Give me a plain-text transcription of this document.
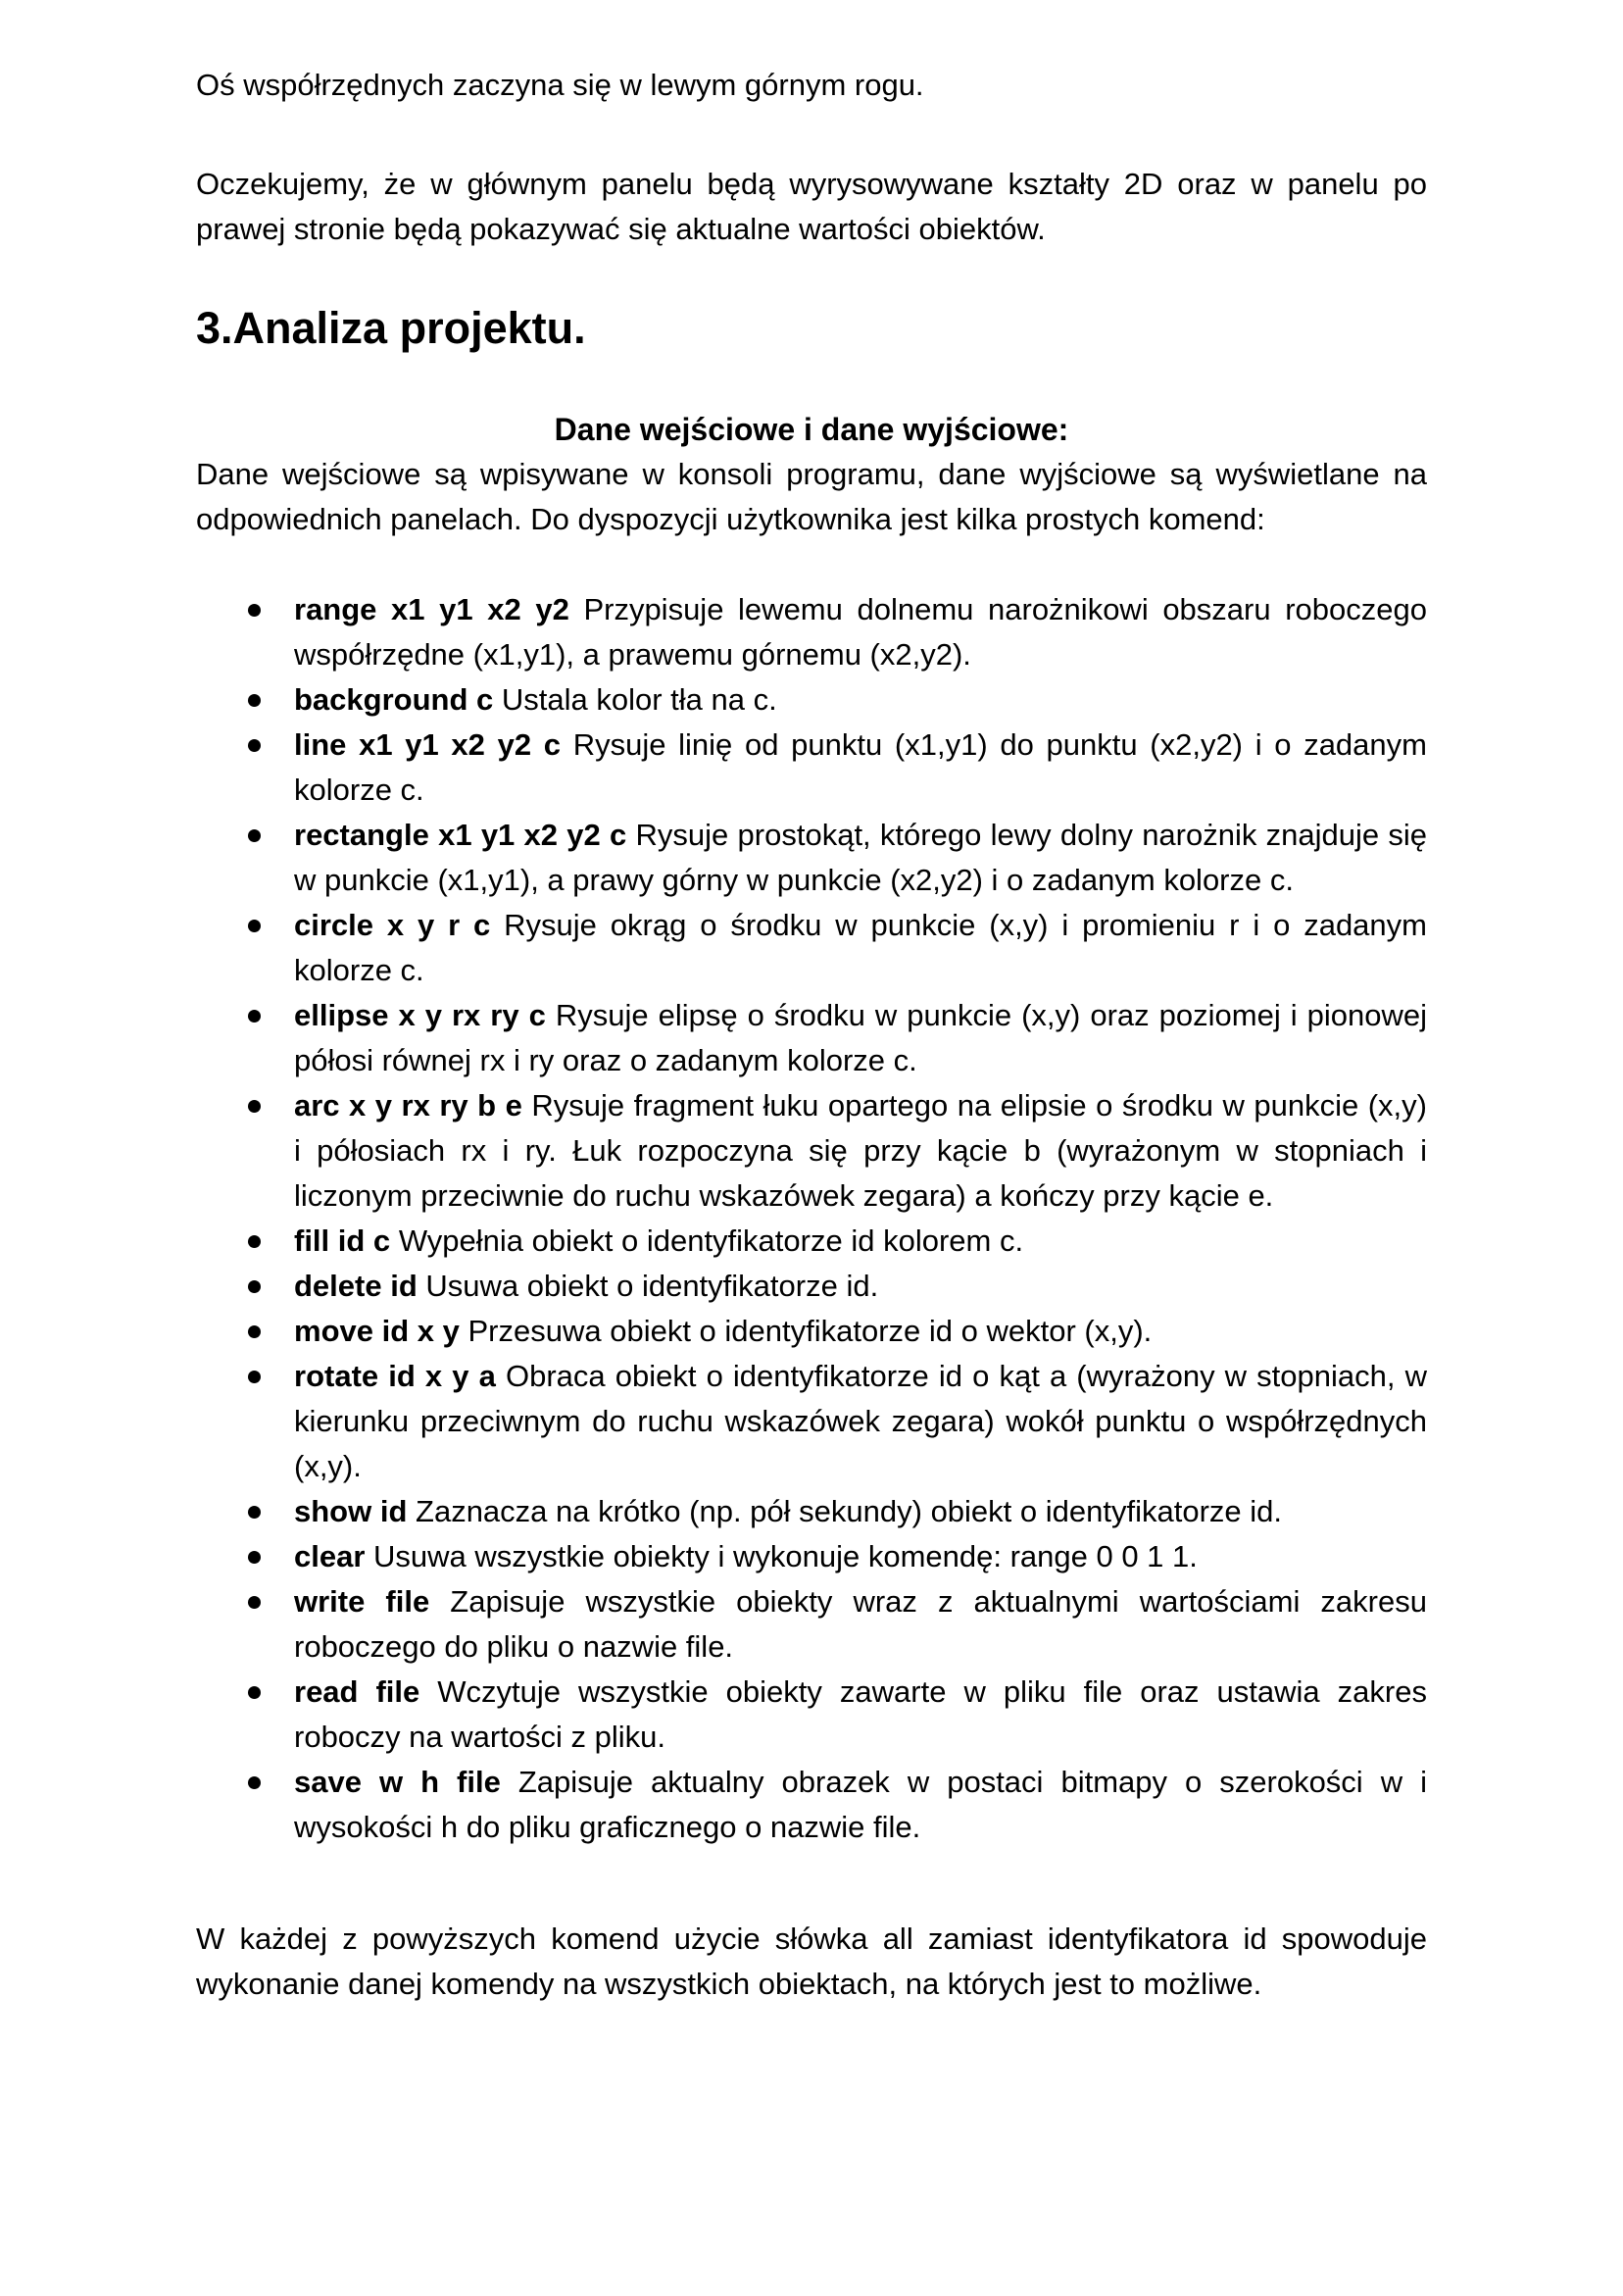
Oś współrzędnych zaczyna się w lewym górnym rogu.

Oczekujemy, że w głównym panelu będą wyrysowywane kształty 2D oraz w panelu po prawej stronie będą pokazywać się aktualne wartości obiektów.

3.Analiza projektu.
Dane wejściowe i dane wyjściowe:

Dane wejściowe są wpisywane w konsoli programu, dane wyjściowe są wyświetlane na odpowiednich panelach. Do dyspozycji użytkownika jest kilka prostych komend:

range x1 y1 x2 y2 Przypisuje lewemu dolnemu narożnikowi obszaru roboczego współrzędne (x1,y1), a prawemu górnemu (x2,y2).
background c Ustala kolor tła na c.
line x1 y1 x2 y2 c Rysuje linię od punktu (x1,y1) do punktu (x2,y2) i o zadanym kolorze c.
rectangle x1 y1 x2 y2 c Rysuje prostokąt, którego lewy dolny narożnik znajduje się w punkcie (x1,y1), a prawy górny w punkcie (x2,y2) i o zadanym kolorze c.
circle x y r c Rysuje okrąg o środku w punkcie (x,y) i promieniu r i o zadanym kolorze c.
ellipse x y rx ry c Rysuje elipsę o środku w punkcie (x,y) oraz poziomej i pionowej półosi równej rx i ry oraz o zadanym kolorze c.
arc x y rx ry b e Rysuje fragment łuku opartego na elipsie o środku w punkcie (x,y) i półosiach rx i ry. Łuk rozpoczyna się przy kącie b (wyrażonym w stopniach i liczonym przeciwnie do ruchu wskazówek zegara) a kończy przy kącie e.
fill id c Wypełnia obiekt o identyfikatorze id kolorem c.
delete id Usuwa obiekt o identyfikatorze id.
move id x y Przesuwa obiekt o identyfikatorze id o wektor (x,y).
rotate id x y a Obraca obiekt o identyfikatorze id o kąt a (wyrażony w stopniach, w kierunku przeciwnym do ruchu wskazówek zegara) wokół punktu o współrzędnych (x,y).
show id Zaznacza na krótko (np. pół sekundy) obiekt o identyfikatorze id.
clear Usuwa wszystkie obiekty i wykonuje komendę: range 0 0 1 1.
write file Zapisuje wszystkie obiekty wraz z aktualnymi wartościami zakresu roboczego do pliku o nazwie file.
read file Wczytuje wszystkie obiekty zawarte w pliku file oraz ustawia zakres roboczy na wartości z pliku.
save w h file Zapisuje aktualny obrazek w postaci bitmapy o szerokości w i wysokości h do pliku graficznego o nazwie file.

W każdej z powyższych komend użycie słówka all zamiast identyfikatora id spowoduje wykonanie danej komendy na wszystkich obiektach, na których jest to możliwe.
